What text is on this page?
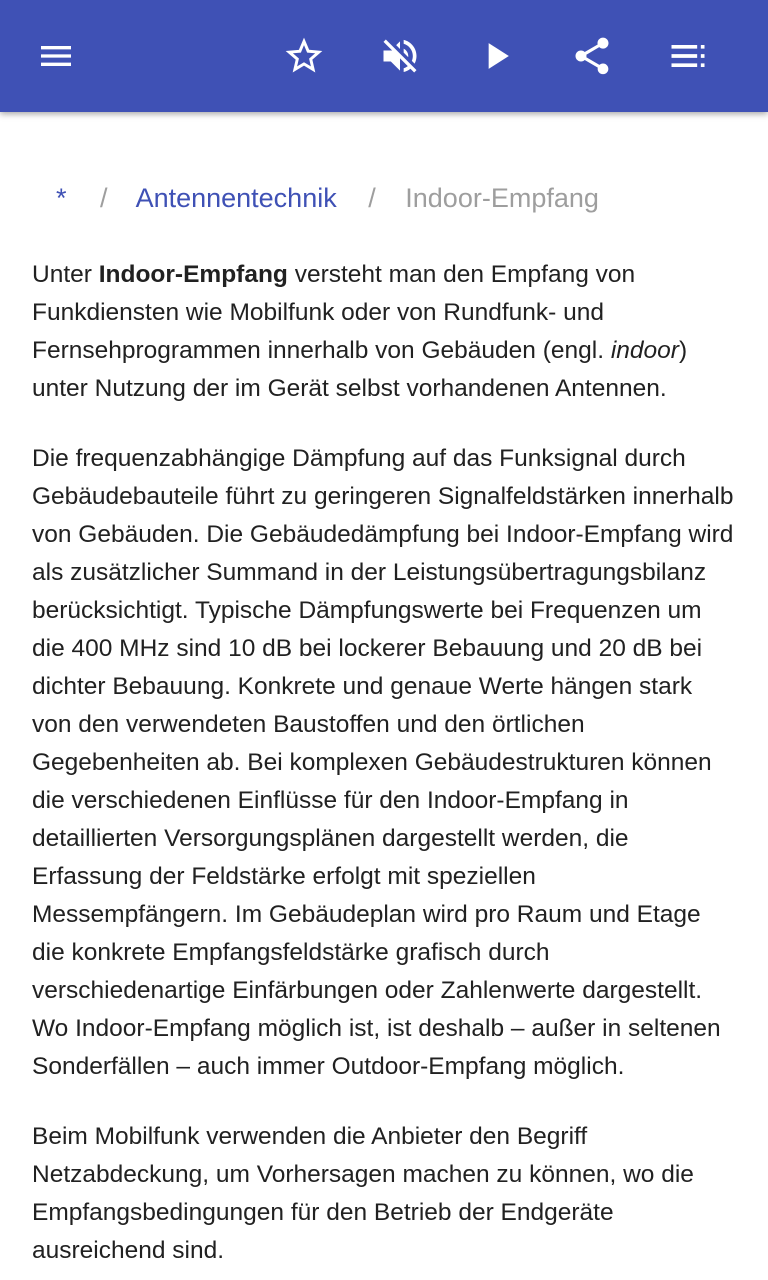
* / Antennentechnik / Indoor-Empfang

Unter Indoor-Empfang versteht man den Empfang von Funkdiensten wie Mobilfunk oder von Rundfunk- und Fernsehprogrammen innerhalb von Gebäuden (engl. indoor) unter Nutzung der im Gerät selbst vorhandenen Antennen.

Die frequenzabhängige Dämpfung auf das Funksignal durch Gebäudebauteile führt zu geringeren Signalfeldstärken innerhalb von Gebäuden. Die Gebäudedämpfung bei Indoor-Empfang wird als zusätzlicher Summand in der Leistungsübertragungsbilanz berücksichtigt. Typische Dämpfungswerte bei Frequenzen um die 400 MHz sind 10 dB bei lockerer Bebauung und 20 dB bei dichter Bebauung. Konkrete und genaue Werte hängen stark von den verwendeten Baustoffen und den örtlichen Gegebenheiten ab. Bei komplexen Gebäudestrukturen können die verschiedenen Einflüsse für den Indoor-Empfang in detaillierten Versorgungsplänen dargestellt werden, die Erfassung der Feldstärke erfolgt mit speziellen Messempfängern. Im Gebäudeplan wird pro Raum und Etage die konkrete Empfangsfeldstärke grafisch durch verschiedenartige Einfärbungen oder Zahlenwerte dargestellt. Wo Indoor-Empfang möglich ist, ist deshalb – außer in seltenen Sonderfällen – auch immer Outdoor-Empfang möglich.

Beim Mobilfunk verwenden die Anbieter den Begriff Netzabdeckung, um Vorhersagen machen zu können, wo die Empfangsbedingungen für den Betrieb der Endgeräte ausreichend sind.
